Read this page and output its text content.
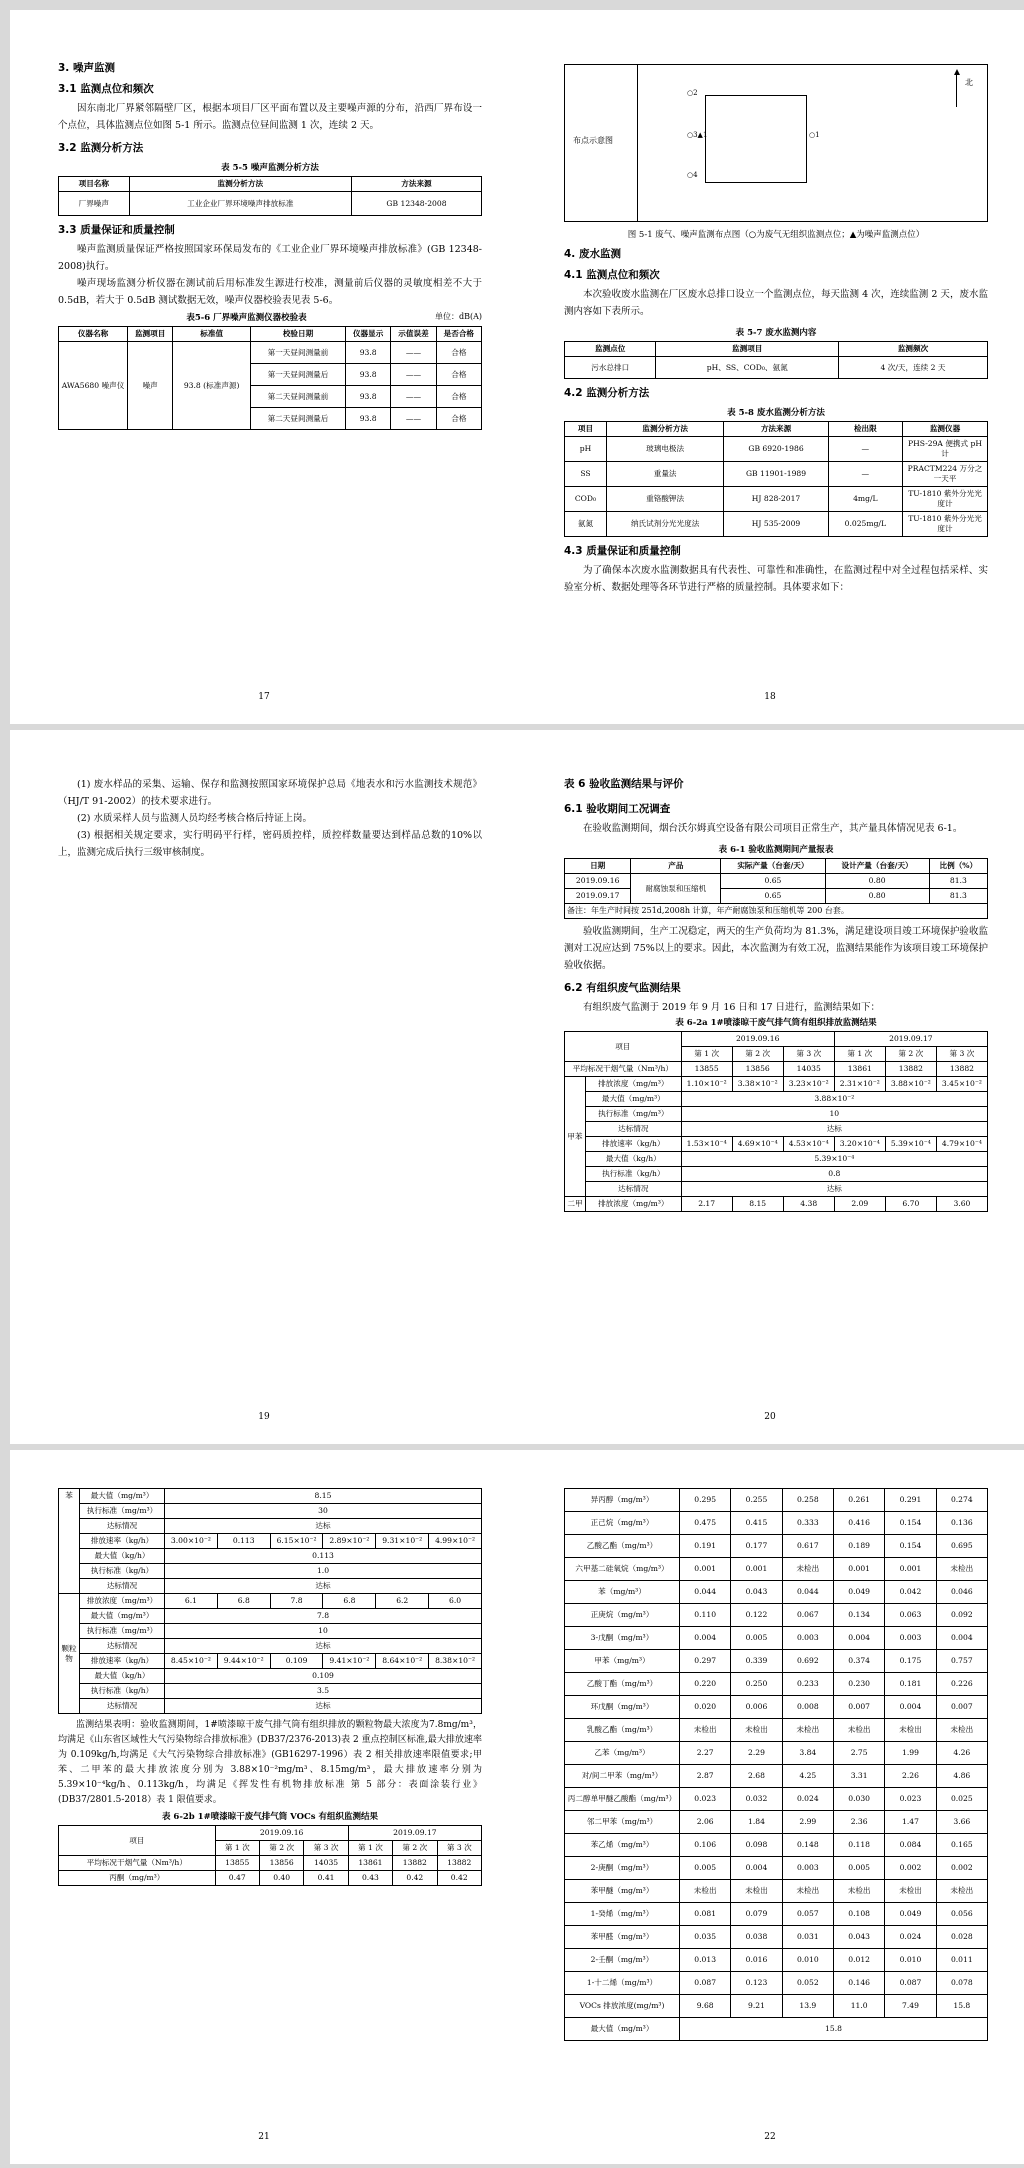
3. 噪声监测
3.1 监测点位和频次

因东南北厂界紧邻隔壁厂区，根据本项目厂区平面布置以及主要噪声源的分布，沿西厂界布设一个点位，具体监测点位如图 5-1 所示。监测点位昼间监测 1 次，连续 2 天。

3.2 监测分析方法
表 5-5 噪声监测分析方法
项目名称	监测分析方法	方法来源
厂界噪声	工业企业厂界环境噪声排放标准	GB 12348-2008
3.3 质量保证和质量控制

噪声监测质量保证严格按照国家环保局发布的《工业企业厂界环境噪声排放标准》(GB 12348-2008)执行。

噪声现场监测分析仪器在测试前后用标准发生源进行校准，测量前后仪器的灵敏度相差不大于 0.5dB，若大于 0.5dB 测试数据无效，噪声仪器校验表见表 5-6。

表5-6 厂界噪声监测仪器校验表	单位：dB(A)
仪器名称	监测项目	标准值	校验日期	仪器显示	示值误差	是否合格
AWA5680 噪声仪	噪声	93.8 (标准声源)	第一天昼间测量前	93.8	——	合格
			第一天昼间测量后	93.8	——	合格
			第二天昼间测量前	93.8	——	合格
			第二天昼间测量后	93.8	——	合格
17
布点示意图
○2
○3▲1	○1
○4
北
图 5-1 废气、噪声监测布点图（○为废气无组织监测点位；▲为噪声监测点位）
4. 废水监测
4.1 监测点位和频次

本次验收废水监测在厂区废水总排口设立一个监测点位，每天监测 4 次，连续监测 2 天，废水监测内容如下表所示。

表 5-7 废水监测内容
监测点位	监测项目	监测频次
污水总排口	pH、SS、COD₀、氨氮	4 次/天，连续 2 天
4.2 监测分析方法
表 5-8 废水监测分析方法
项目	监测分析方法	方法来源	检出限	监测仪器
pH	玻璃电极法	GB 6920-1986	—	PHS-29A 便携式 pH 计
SS	重量法	GB 11901-1989	—	PRACTM224 万分之一天平
COD₀	重铬酸钾法	HJ 828-2017	4mg/L	TU-1810 紫外分光光度计
氨氮	纳氏试剂分光光度法	HJ 535-2009	0.025mg/L	TU-1810 紫外分光光度计
4.3 质量保证和质量控制

为了确保本次废水监测数据具有代表性、可靠性和准确性，在监测过程中对全过程包括采样、实验室分析、数据处理等各环节进行严格的质量控制。具体要求如下：

18

(1) 废水样品的采集、运输、保存和监测按照国家环境保护总局《地表水和污水监测技术规范》（HJ/T 91-2002）的技术要求进行。

(2) 水质采样人员与监测人员均经考核合格后持证上岗。

(3) 根据相关规定要求，实行明码平行样，密码质控样，质控样数量要达到样品总数的10%以上，监测完成后执行三级审核制度。

19
表 6 验收监测结果与评价
6.1 验收期间工况调查

在验收监测期间，烟台沃尔姆真空设备有限公司项目正常生产，其产量具体情况见表 6-1。

表 6-1 验收监测期间产量报表
日期	产品	实际产量（台套/天）	设计产量（台套/天）	比例（%）
2019.09.16	耐腐蚀泵和压缩机	0.65	0.80	81.3
2019.09.17		0.65	0.80	81.3
备注：年生产时间按 251d,2008h 计算，年产耐腐蚀泵和压缩机等 200 台套。				

验收监测期间，生产工况稳定，两天的生产负荷均为 81.3%，满足建设项目竣工环境保护验收监测对工况应达到 75%以上的要求。因此，本次监测为有效工况，监测结果能作为该项目竣工环境保护验收依据。

6.2 有组织废气监测结果

有组织废气监测于 2019 年 9 月 16 日和 17 日进行，监测结果如下：

表 6-2a 1#喷漆晾干废气排气筒有组织排放监测结果
项目		2019.09.16			2019.09.17		
		第 1 次	第 2 次	第 3 次	第 1 次	第 2 次	第 3 次
平均标况干烟气量（Nm³/h）		13855	13856	14035	13861	13882	13882
甲苯	排放浓度（mg/m³）	1.10×10⁻²	3.38×10⁻²	3.23×10⁻²	2.31×10⁻²	3.88×10⁻²	3.45×10⁻²
	最大值（mg/m³）	3.88×10⁻²					
	执行标准（mg/m³）	10					
	达标情况	达标					
	排放速率（kg/h）	1.53×10⁻⁴	4.69×10⁻⁴	4.53×10⁻⁴	3.20×10⁻⁴	5.39×10⁻⁴	4.79×10⁻⁴
	最大值（kg/h）	5.39×10⁻⁴					
	执行标准（kg/h）	0.8					
	达标情况	达标					
二甲	排放浓度（mg/m³）	2.17	8.15	4.38	2.09	6.70	3.60
20
苯	最大值（mg/m³）	8.15					
	执行标准（mg/m³）	30					
	达标情况	达标					
	排放速率（kg/h）	3.00×10⁻²	0.113	6.15×10⁻²	2.89×10⁻²	9.31×10⁻²	4.99×10⁻²
	最大值（kg/h）	0.113					
	执行标准（kg/h）	1.0					
	达标情况	达标					
颗粒物	排放浓度（mg/m³）	6.1	6.8	7.8	6.8	6.2	6.0
	最大值（mg/m³）	7.8					
	执行标准（mg/m³）	10					
	达标情况	达标					
	排放速率（kg/h）	8.45×10⁻²	9.44×10⁻²	0.109	9.41×10⁻²	8.64×10⁻²	8.38×10⁻²
	最大值（kg/h）	0.109					
	执行标准（kg/h）	3.5					
	达标情况	达标					

监测结果表明：验收监测期间，1#喷漆晾干废气排气筒有组织排放的颗粒物最大浓度为7.8mg/m³，均满足《山东省区域性大气污染物综合排放标准》(DB37/2376-2013)表 2 重点控制区标准,最大排放速率为 0.109kg/h,均满足《大气污染物综合排放标准》(GB16297-1996）表 2 相关排放速率限值要求;甲苯、二甲苯的最大排放浓度分别为 3.88×10⁻²mg/m³、8.15mg/m³，最大排放速率分别为 5.39×10⁻⁴kg/h、0.113kg/h，均满足《挥发性有机物排放标准 第 5 部分：表面涂装行业》(DB37/2801.5-2018）表 1 限值要求。

表 6-2b 1#喷漆晾干废气排气筒 VOCs 有组织监测结果
项目	2019.09.16			2019.09.17		
	第 1 次	第 2 次	第 3 次	第 1 次	第 2 次	第 3 次
平均标况干烟气量（Nm³/h）	13855	13856	14035	13861	13882	13882
丙酮（mg/m³）	0.47	0.40	0.41	0.43	0.42	0.42
21
异丙醇（mg/m³）	0.295	0.255	0.258	0.261	0.291	0.274
正己烷（mg/m³）	0.475	0.415	0.333	0.416	0.154	0.136
乙酸乙酯（mg/m³）	0.191	0.177	0.617	0.189	0.154	0.695
六甲基二硅氧烷（mg/m³）	0.001	0.001	未检出	0.001	0.001	未检出
苯（mg/m³）	0.044	0.043	0.044	0.049	0.042	0.046
正庚烷（mg/m³）	0.110	0.122	0.067	0.134	0.063	0.092
3-戊酮（mg/m³）	0.004	0.005	0.003	0.004	0.003	0.004
甲苯（mg/m³）	0.297	0.339	0.692	0.374	0.175	0.757
乙酸丁酯（mg/m³）	0.220	0.250	0.233	0.230	0.181	0.226
环戊酮（mg/m³）	0.020	0.006	0.008	0.007	0.004	0.007
乳酸乙酯（mg/m³）	未检出	未检出	未检出	未检出	未检出	未检出
乙苯（mg/m³）	2.27	2.29	3.84	2.75	1.99	4.26
对/间二甲苯（mg/m³）	2.87	2.68	4.25	3.31	2.26	4.86
丙二醇单甲醚乙酸酯（mg/m³）	0.023	0.032	0.024	0.030	0.023	0.025
邻二甲苯（mg/m³）	2.06	1.84	2.99	2.36	1.47	3.66
苯乙烯（mg/m³）	0.106	0.098	0.148	0.118	0.084	0.165
2-庚酮（mg/m³）	0.005	0.004	0.003	0.005	0.002	0.002
苯甲醚（mg/m³）	未检出	未检出	未检出	未检出	未检出	未检出
1-癸烯（mg/m³）	0.081	0.079	0.057	0.108	0.049	0.056
苯甲醛（mg/m³）	0.035	0.038	0.031	0.043	0.024	0.028
2-壬酮（mg/m³）	0.013	0.016	0.010	0.012	0.010	0.011
1-十二烯（mg/m³）	0.087	0.123	0.052	0.146	0.087	0.078
VOCs 排放浓度(mg/m³)	9.68	9.21	13.9	11.0	7.49	15.8
最大值（mg/m³）	15.8					
22
